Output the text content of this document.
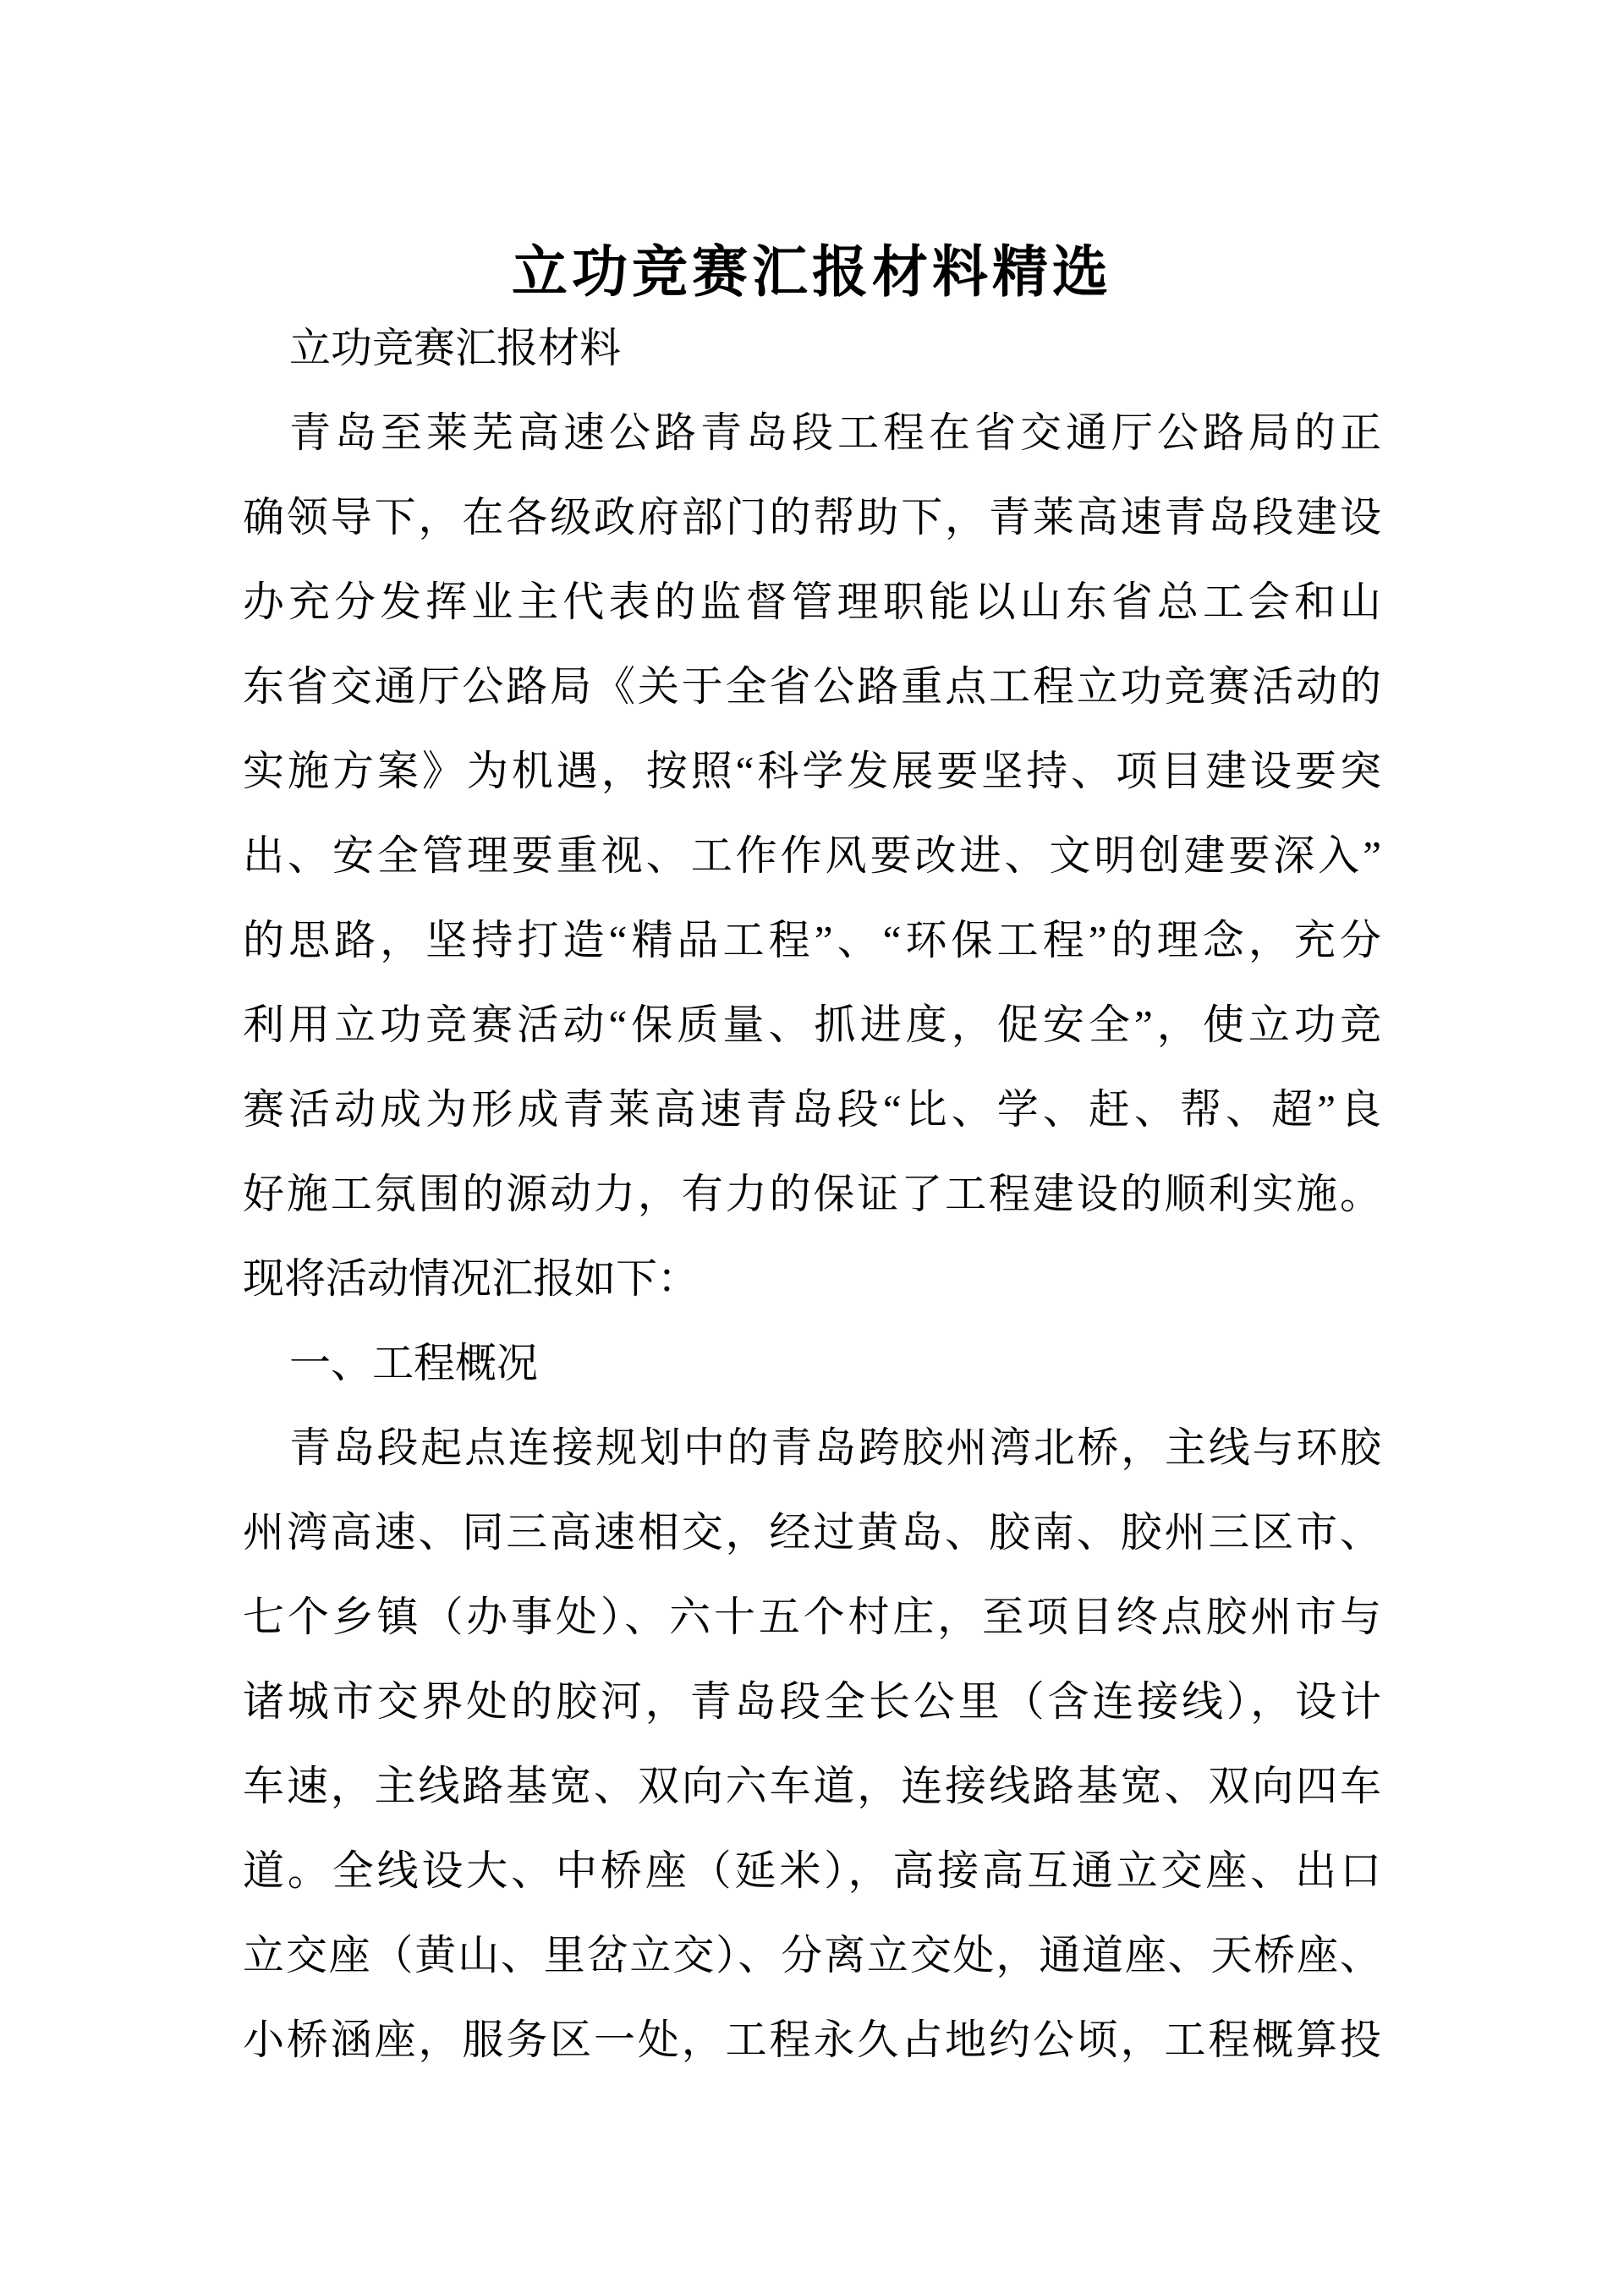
立功竞赛汇报材料精选
立功竞赛汇报材料
青岛至莱芜高速公路青岛段工程在省交通厅公路局的正
确领导下，在各级政府部门的帮助下，青莱高速青岛段建设
办充分发挥业主代表的监督管理职能以山东省总工会和山
东省交通厅公路局《关于全省公路重点工程立功竞赛活动的
实施方案》为机遇，按照“科学发展要坚持、项目建设要突
出、安全管理要重视、工作作风要改进、文明创建要深入”
的思路，坚持打造“精品工程”、“环保工程”的理念，充分
利用立功竞赛活动“保质量、抓进度，促安全”，使立功竞
赛活动成为形成青莱高速青岛段“比、学、赶、帮、超”良
好施工氛围的源动力，有力的保证了工程建设的顺利实施。
现将活动情况汇报如下：
一、工程概况
青岛段起点连接规划中的青岛跨胶州湾北桥，主线与环胶
州湾高速、同三高速相交，经过黄岛、胶南、胶州三区市、
七个乡镇（办事处）、六十五个村庄，至项目终点胶州市与
诸城市交界处的胶河，青岛段全长公里（含连接线），设计
车速，主线路基宽、双向六车道，连接线路基宽、双向四车
道。全线设大、中桥座（延米），高接高互通立交座、出口
立交座（黄山、里岔立交）、分离立交处，通道座、天桥座、
小桥涵座，服务区一处，工程永久占地约公顷，工程概算投
